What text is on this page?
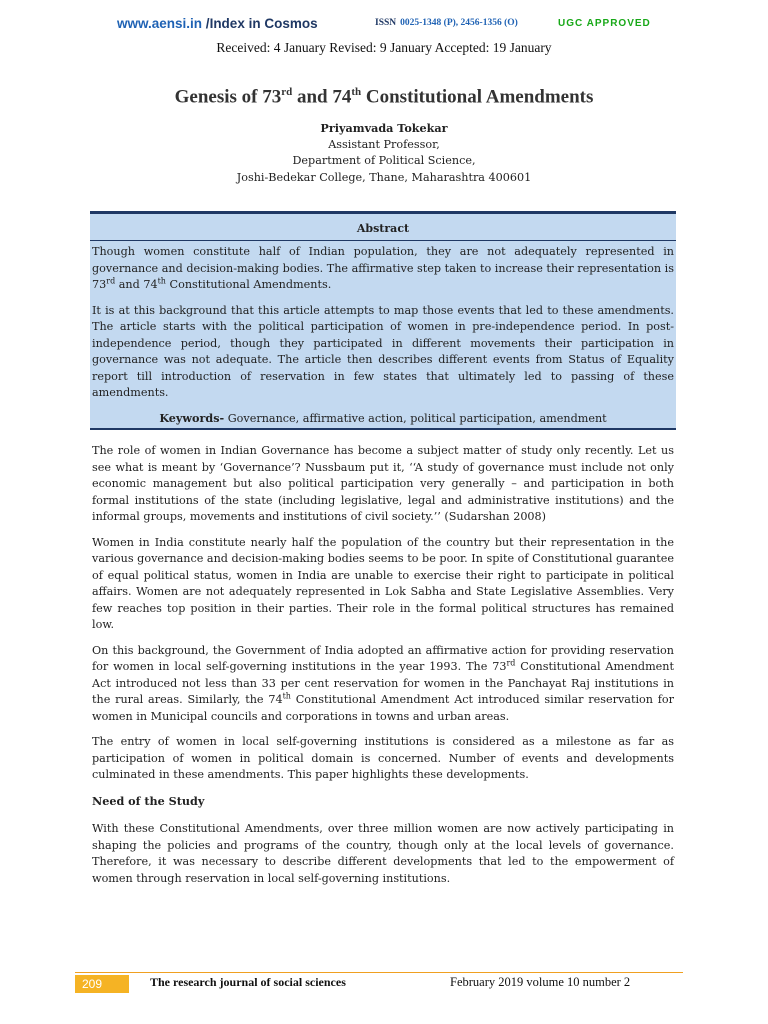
www.aensi.in /Index in Cosmos	ISSN 0025-1348 (P), 2456-1356 (O)	UGC APPROVED
Received: 4 January Revised: 9 January Accepted: 19 January
Genesis of 73rd and 74th Constitutional Amendments
Priyamvada Tokekar
Assistant Professor,
Department of Political Science,
Joshi-Bedekar College, Thane, Maharashtra 400601
Abstract

Though women constitute half of Indian population, they are not adequately represented in governance and decision-making bodies. The affirmative step taken to increase their representation is 73rd and 74th Constitutional Amendments.

It is at this background that this article attempts to map those events that led to these amendments. The article starts with the political participation of women in pre-independence period. In post-independence period, though they participated in different movements their participation in governance was not adequate. The article then describes different events from Status of Equality report till introduction of reservation in few states that ultimately led to passing of these amendments.

Keywords- Governance, affirmative action, political participation, amendment

The role of women in Indian Governance has become a subject matter of study only recently. Let us see what is meant by ‘Governance’? Nussbaum put it, ‘‘A study of governance must include not only economic management but also political participation very generally – and participation in both formal institutions of the state (including legislative, legal and administrative institutions) and the informal groups, movements and institutions of civil society.’’ (Sudarshan 2008)

Women in India constitute nearly half the population of the country but their representation in the various governance and decision-making bodies seems to be poor. In spite of Constitutional guarantee of equal political status, women in India are unable to exercise their right to participate in political affairs. Women are not adequately represented in Lok Sabha and State Legislative Assemblies. Very few reaches top position in their parties. Their role in the formal political structures has remained low.

On this background, the Government of India adopted an affirmative action for providing reservation for women in local self-governing institutions in the year 1993. The 73rd Constitutional Amendment Act introduced not less than 33 per cent reservation for women in the Panchayat Raj institutions in the rural areas. Similarly, the 74th Constitutional Amendment Act introduced similar reservation for women in Municipal councils and corporations in towns and urban areas.

The entry of women in local self-governing institutions is considered as a milestone as far as participation of women in political domain is concerned. Number of events and developments culminated in these amendments. This paper highlights these developments.

Need of the Study

With these Constitutional Amendments, over three million women are now actively participating in shaping the policies and programs of the country, though only at the local levels of governance. Therefore, it was necessary to describe different developments that led to the empowerment of women through reservation in local self-governing institutions.

209	The research journal of social sciences	February 2019 volume 10 number 2
